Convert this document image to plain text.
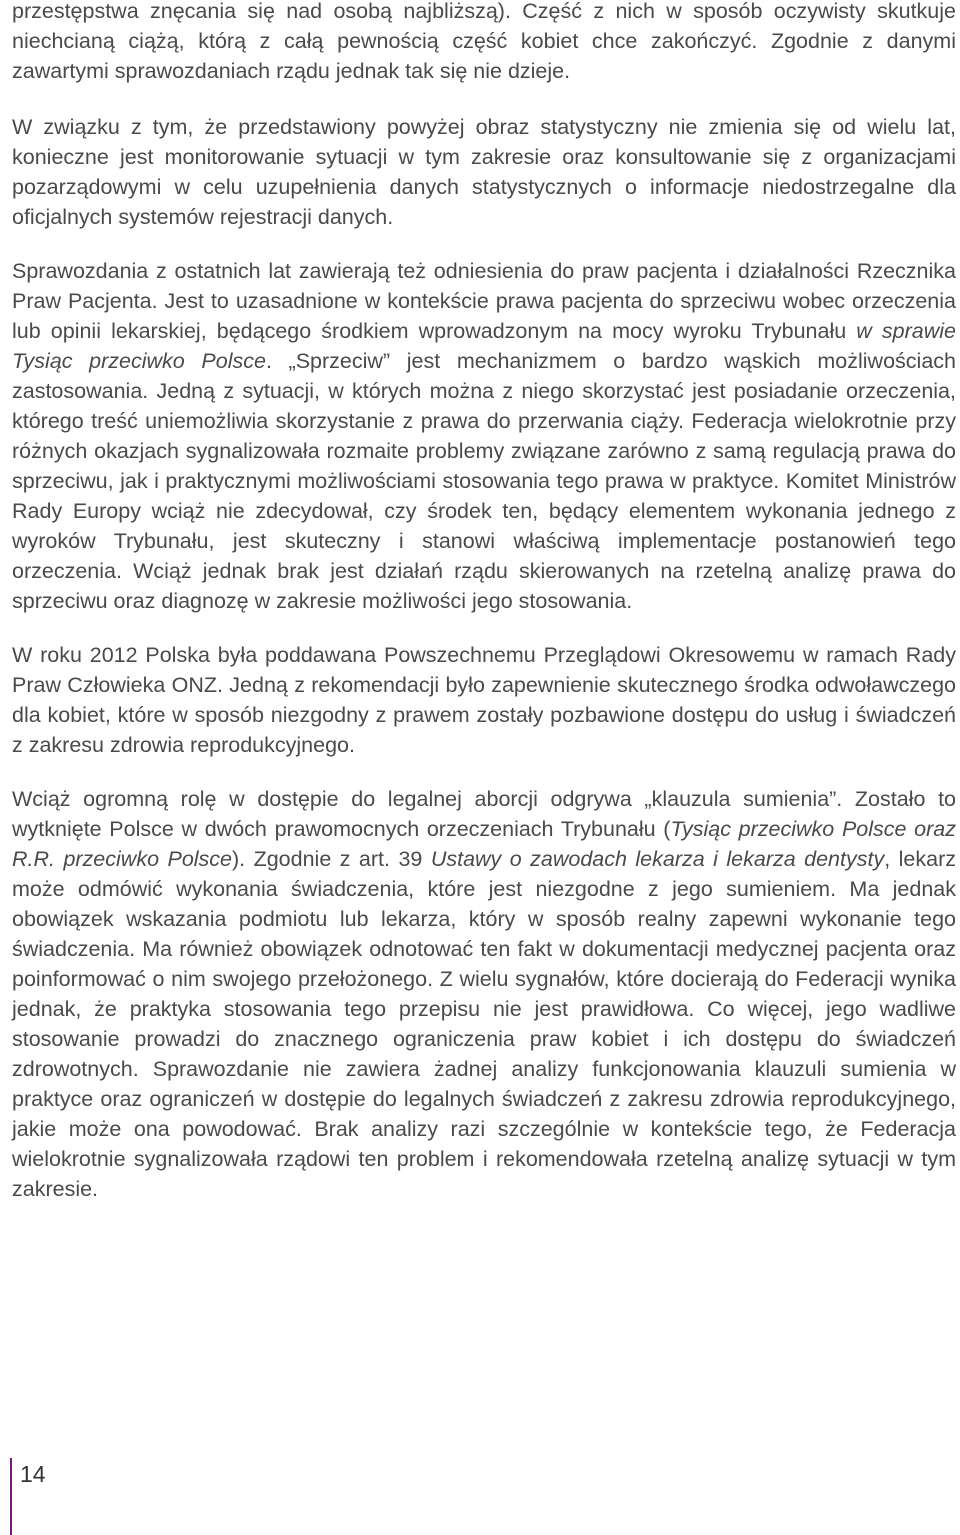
przestępstwa znęcania się nad osobą najbliższą). Część z nich w sposób oczywisty skutkuje niechcianą ciążą, którą z całą pewnością część kobiet chce zakończyć. Zgodnie z danymi zawartymi sprawozdaniach rządu jednak tak się nie dzieje.

W związku z tym, że przedstawiony powyżej obraz statystyczny nie zmienia się od wielu lat, konieczne jest monitorowanie sytuacji w tym zakresie oraz konsultowanie się z organizacjami pozarządowymi w celu uzupełnienia danych statystycznych o informacje niedostrzegalne dla oficjalnych systemów rejestracji danych.

Sprawozdania z ostatnich lat zawierają też odniesienia do praw pacjenta i działalności Rzecznika Praw Pacjenta. Jest to uzasadnione w kontekście prawa pacjenta do sprzeciwu wobec orzeczenia lub opinii lekarskiej, będącego środkiem wprowadzonym na mocy wyroku Trybunału w sprawie Tysiąc przeciwko Polsce. „Sprzeciw” jest mechanizmem o bardzo wąskich możliwościach zastosowania. Jedną z sytuacji, w których można z niego skorzystać jest posiadanie orzeczenia, którego treść uniemożliwia skorzystanie z prawa do przerwania ciąży. Federacja wielokrotnie przy różnych okazjach sygnalizowała rozmaite problemy związane zarówno z samą regulacją prawa do sprzeciwu, jak i praktycznymi możliwościami stosowania tego prawa w praktyce. Komitet Ministrów Rady Europy wciąż nie zdecydował, czy środek ten, będący elementem wykonania jednego z wyroków Trybunału, jest skuteczny i stanowi właściwą implementacje postanowień tego orzeczenia. Wciąż jednak brak jest działań rządu skierowanych na rzetelną analizę prawa do sprzeciwu oraz diagnozę w zakresie możliwości jego stosowania.

W roku 2012 Polska była poddawana Powszechnemu Przeglądowi Okresowemu w ramach Rady Praw Człowieka ONZ. Jedną z rekomendacji było zapewnienie skutecznego środka odwoławczego dla kobiet, które w sposób niezgodny z prawem zostały pozbawione dostępu do usług i świadczeń z zakresu zdrowia reprodukcyjnego.

Wciąż ogromną rolę w dostępie do legalnej aborcji odgrywa „klauzula sumienia”. Zostało to wytknięte Polsce w dwóch prawomocnych orzeczeniach Trybunału (Tysiąc przeciwko Polsce oraz R.R. przeciwko Polsce). Zgodnie z art. 39 Ustawy o zawodach lekarza i lekarza dentysty, lekarz może odmówić wykonania świadczenia, które jest niezgodne z jego sumieniem. Ma jednak obowiązek wskazania podmiotu lub lekarza, który w sposób realny zapewni wykonanie tego świadczenia. Ma również obowiązek odnotować ten fakt w dokumentacji medycznej pacjenta oraz poinformować o nim swojego przełożonego. Z wielu sygnałów, które docierają do Federacji wynika jednak, że praktyka stosowania tego przepisu nie jest prawidłowa. Co więcej, jego wadliwe stosowanie prowadzi do znacznego ograniczenia praw kobiet i ich dostępu do świadczeń zdrowotnych. Sprawozdanie nie zawiera żadnej analizy funkcjonowania klauzuli sumienia w praktyce oraz ograniczeń w dostępie do legalnych świadczeń z zakresu zdrowia reprodukcyjnego, jakie może ona powodować. Brak analizy razi szczególnie w kontekście tego, że Federacja wielokrotnie sygnalizowała rządowi ten problem i rekomendowała rzetelną analizę sytuacji w tym zakresie.

14
